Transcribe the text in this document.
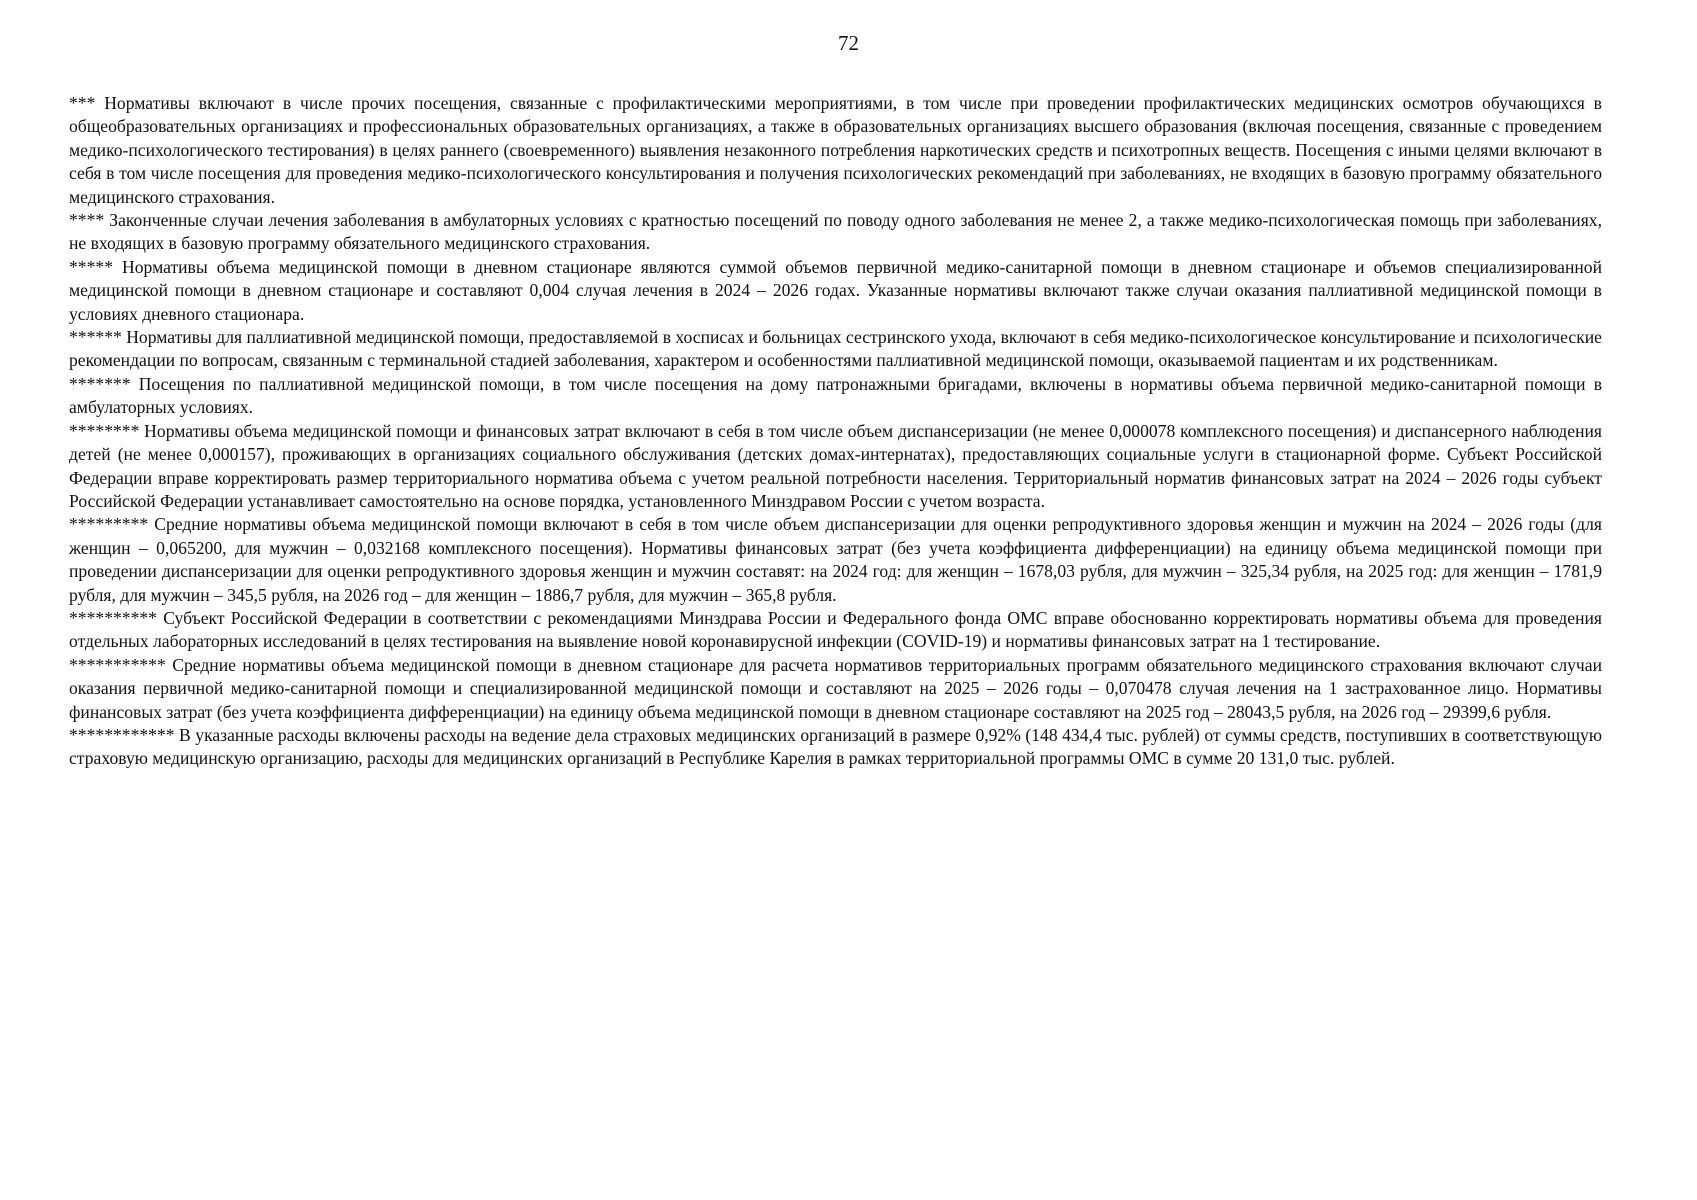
72

*** Нормативы включают в числе прочих посещения, связанные с профилактическими мероприятиями, в том числе при проведении профилактических медицинских осмотров обучающихся в общеобразовательных организациях и профессиональных образовательных организациях, а также в образовательных организациях высшего образования (включая посещения, связанные с проведением медико-психологического тестирования) в целях раннего (своевременного) выявления незаконного потребления наркотических средств и психотропных веществ. Посещения с иными целями включают в себя в том числе посещения для проведения медико-психологического консультирования и получения психологических рекомендаций при заболеваниях, не входящих в базовую программу обязательного медицинского страхования.

**** Законченные случаи лечения заболевания в амбулаторных условиях с кратностью посещений по поводу одного заболевания не менее 2, а также медико-психологическая помощь при заболеваниях, не входящих в базовую программу обязательного медицинского страхования.

***** Нормативы объема медицинской помощи в дневном стационаре являются суммой объемов первичной медико-санитарной помощи в дневном стационаре и объемов специализированной медицинской помощи в дневном стационаре и составляют 0,004 случая лечения в 2024 – 2026 годах. Указанные нормативы включают также случаи оказания паллиативной медицинской помощи в условиях дневного стационара.

****** Нормативы для паллиативной медицинской помощи, предоставляемой в хосписах и больницах сестринского ухода, включают в себя медико-психологическое консультирование и психологические рекомендации по вопросам, связанным с терминальной стадией заболевания, характером и особенностями паллиативной медицинской помощи, оказываемой пациентам и их родственникам.

******* Посещения по паллиативной медицинской помощи, в том числе посещения на дому патронажными бригадами, включены в нормативы объема первичной медико-санитарной помощи в амбулаторных условиях.

******** Нормативы объема медицинской помощи и финансовых затрат включают в себя в том числе объем диспансеризации (не менее 0,000078 комплексного посещения) и диспансерного наблюдения детей (не менее 0,000157), проживающих в организациях социального обслуживания (детских домах-интернатах), предоставляющих социальные услуги в стационарной форме. Субъект Российской Федерации вправе корректировать размер территориального норматива объема с учетом реальной потребности населения. Территориальный норматив финансовых затрат на 2024 – 2026 годы субъект Российской Федерации устанавливает самостоятельно на основе порядка, установленного Минздравом России с учетом возраста.

********* Средние нормативы объема медицинской помощи включают в себя в том числе объем диспансеризации для оценки репродуктивного здоровья женщин и мужчин на 2024 – 2026 годы (для женщин – 0,065200, для мужчин – 0,032168 комплексного посещения). Нормативы финансовых затрат (без учета коэффициента дифференциации) на единицу объема медицинской помощи при проведении диспансеризации для оценки репродуктивного здоровья женщин и мужчин составят: на 2024 год: для женщин – 1678,03 рубля, для мужчин – 325,34 рубля, на 2025 год: для женщин – 1781,9 рубля, для мужчин – 345,5 рубля, на 2026 год – для женщин – 1886,7 рубля, для мужчин – 365,8 рубля.

********** Субъект Российской Федерации в соответствии с рекомендациями Минздрава России и Федерального фонда ОМС вправе обоснованно корректировать нормативы объема для проведения отдельных лабораторных исследований в целях тестирования на выявление новой коронавирусной инфекции (COVID-19) и нормативы финансовых затрат на 1 тестирование.

*********** Средние нормативы объема медицинской помощи в дневном стационаре для расчета нормативов территориальных программ обязательного медицинского страхования включают случаи оказания первичной медико-санитарной помощи и специализированной медицинской помощи и составляют на 2025 – 2026 годы – 0,070478 случая лечения на 1 застрахованное лицо. Нормативы финансовых затрат (без учета коэффициента дифференциации) на единицу объема медицинской помощи в дневном стационаре составляют на 2025 год – 28043,5 рубля, на 2026 год – 29399,6 рубля.

************ В указанные расходы включены расходы на ведение дела страховых медицинских организаций в размере 0,92% (148 434,4 тыс. рублей) от суммы средств, поступивших в соответствующую страховую медицинскую организацию, расходы для медицинских организаций в Республике Карелия в рамках территориальной программы ОМС в сумме 20 131,0 тыс. рублей.
